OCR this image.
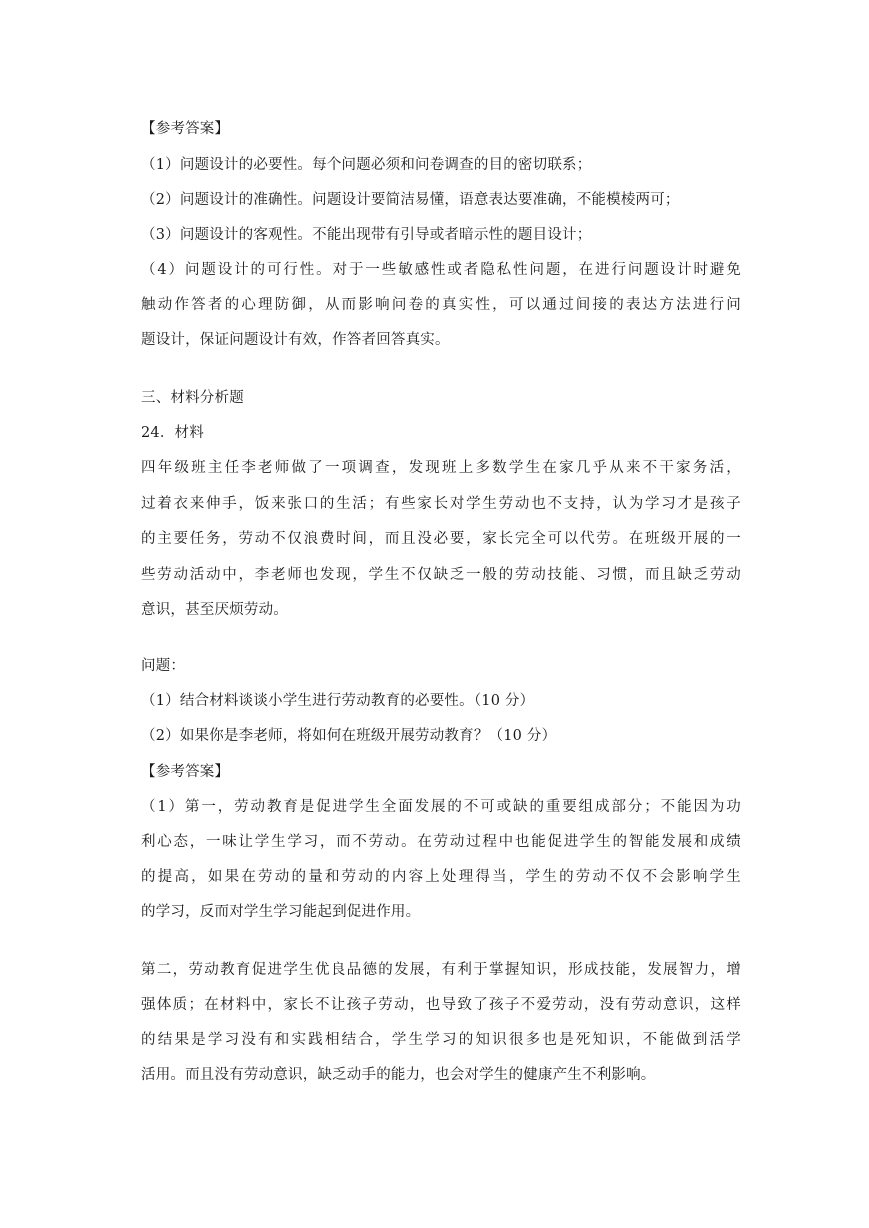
【参考答案】
（1）问题设计的必要性。每个问题必须和问卷调查的目的密切联系；
（2）问题设计的准确性。问题设计要简洁易懂，语意表达要准确，不能模棱两可；
（3）问题设计的客观性。不能出现带有引导或者暗示性的题目设计；
（4）问题设计的可行性。对于一些敏感性或者隐私性问题，在进行问题设计时避免
触动作答者的心理防御，从而影响问卷的真实性，可以通过间接的表达方法进行问
题设计，保证问题设计有效，作答者回答真实。
三、材料分析题
24．材料
四年级班主任李老师做了一项调查，发现班上多数学生在家几乎从来不干家务活，
过着衣来伸手，饭来张口的生活；有些家长对学生劳动也不支持，认为学习才是孩子
的主要任务，劳动不仅浪费时间，而且没必要，家长完全可以代劳。在班级开展的一
些劳动活动中，李老师也发现，学生不仅缺乏一般的劳动技能、习惯，而且缺乏劳动
意识，甚至厌烦劳动。
问题：
（1）结合材料谈谈小学生进行劳动教育的必要性。（10 分）
（2）如果你是李老师，将如何在班级开展劳动教育？（10 分）
【参考答案】
（1）第一，劳动教育是促进学生全面发展的不可或缺的重要组成部分；不能因为功
利心态，一味让学生学习，而不劳动。在劳动过程中也能促进学生的智能发展和成绩
的提高，如果在劳动的量和劳动的内容上处理得当，学生的劳动不仅不会影响学生
的学习，反而对学生学习能起到促进作用。
第二，劳动教育促进学生优良品德的发展，有利于掌握知识，形成技能，发展智力，增
强体质；在材料中，家长不让孩子劳动，也导致了孩子不爱劳动，没有劳动意识，这样
的结果是学习没有和实践相结合，学生学习的知识很多也是死知识，不能做到活学
活用。而且没有劳动意识，缺乏动手的能力，也会对学生的健康产生不利影响。
